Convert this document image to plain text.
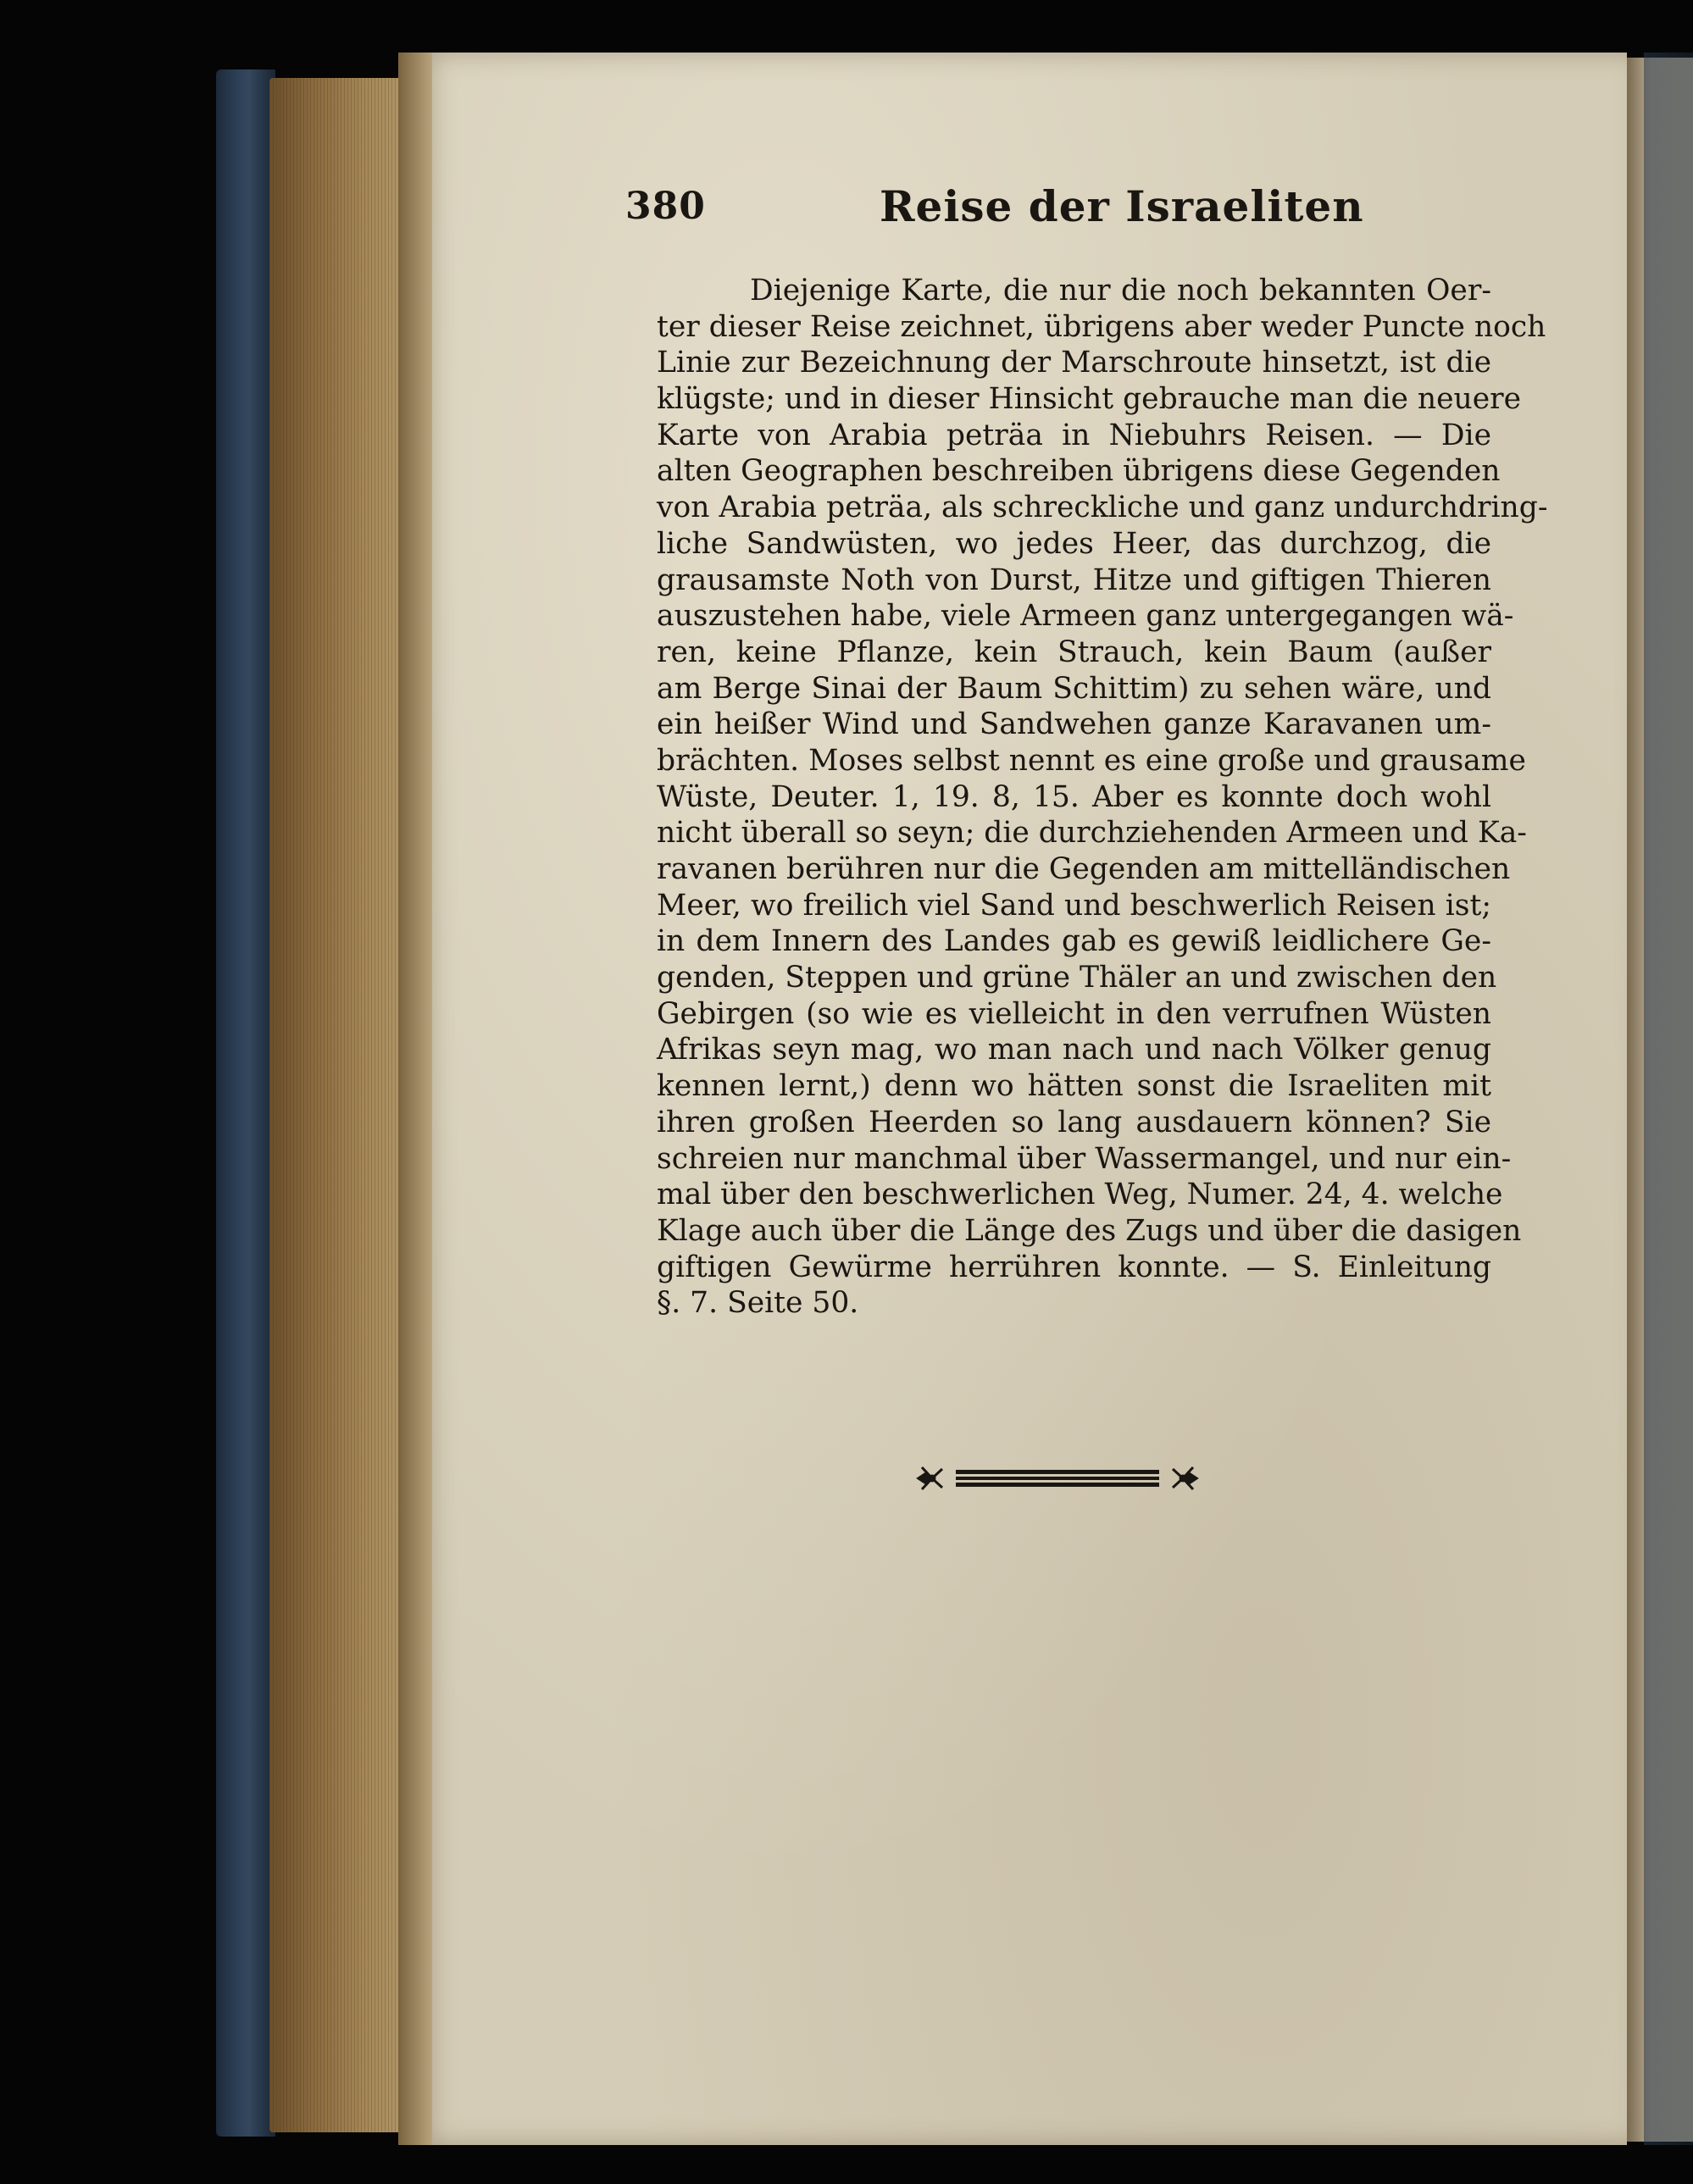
380	Reise der Israeliten
Diejenige Karte, die nur die noch bekannten Oer-
ter dieser Reise zeichnet, übrigens aber weder Puncte noch
Linie zur Bezeichnung der Marschroute hinsetzt, ist die
klügste; und in dieser Hinsicht gebrauche man die neuere
Karte von Arabia peträa in Niebuhrs Reisen. — Die
alten Geographen beschreiben übrigens diese Gegenden
von Arabia peträa, als schreckliche und ganz undurchdring-
liche Sandwüsten, wo jedes Heer, das durchzog, die
grausamste Noth von Durst, Hitze und giftigen Thieren
auszustehen habe, viele Armeen ganz untergegangen wä-
ren, keine Pflanze, kein Strauch, kein Baum (außer
am Berge Sinai der Baum Schittim) zu sehen wäre, und
ein heißer Wind und Sandwehen ganze Karavanen um-
brächten. Moses selbst nennt es eine große und grausame
Wüste, Deuter. 1, 19. 8, 15. Aber es konnte doch wohl
nicht überall so seyn; die durchziehenden Armeen und Ka-
ravanen berühren nur die Gegenden am mittelländischen
Meer, wo freilich viel Sand und beschwerlich Reisen ist;
in dem Innern des Landes gab es gewiß leidlichere Ge-
genden, Steppen und grüne Thäler an und zwischen den
Gebirgen (so wie es vielleicht in den verrufnen Wüsten
Afrikas seyn mag, wo man nach und nach Völker genug
kennen lernt,) denn wo hätten sonst die Israeliten mit
ihren großen Heerden so lang ausdauern können? Sie
schreien nur manchmal über Wassermangel, und nur ein-
mal über den beschwerlichen Weg, Numer. 24, 4. welche
Klage auch über die Länge des Zugs und über die dasigen
giftigen Gewürme herrühren konnte. — S. Einleitung
§. 7. Seite 50.
